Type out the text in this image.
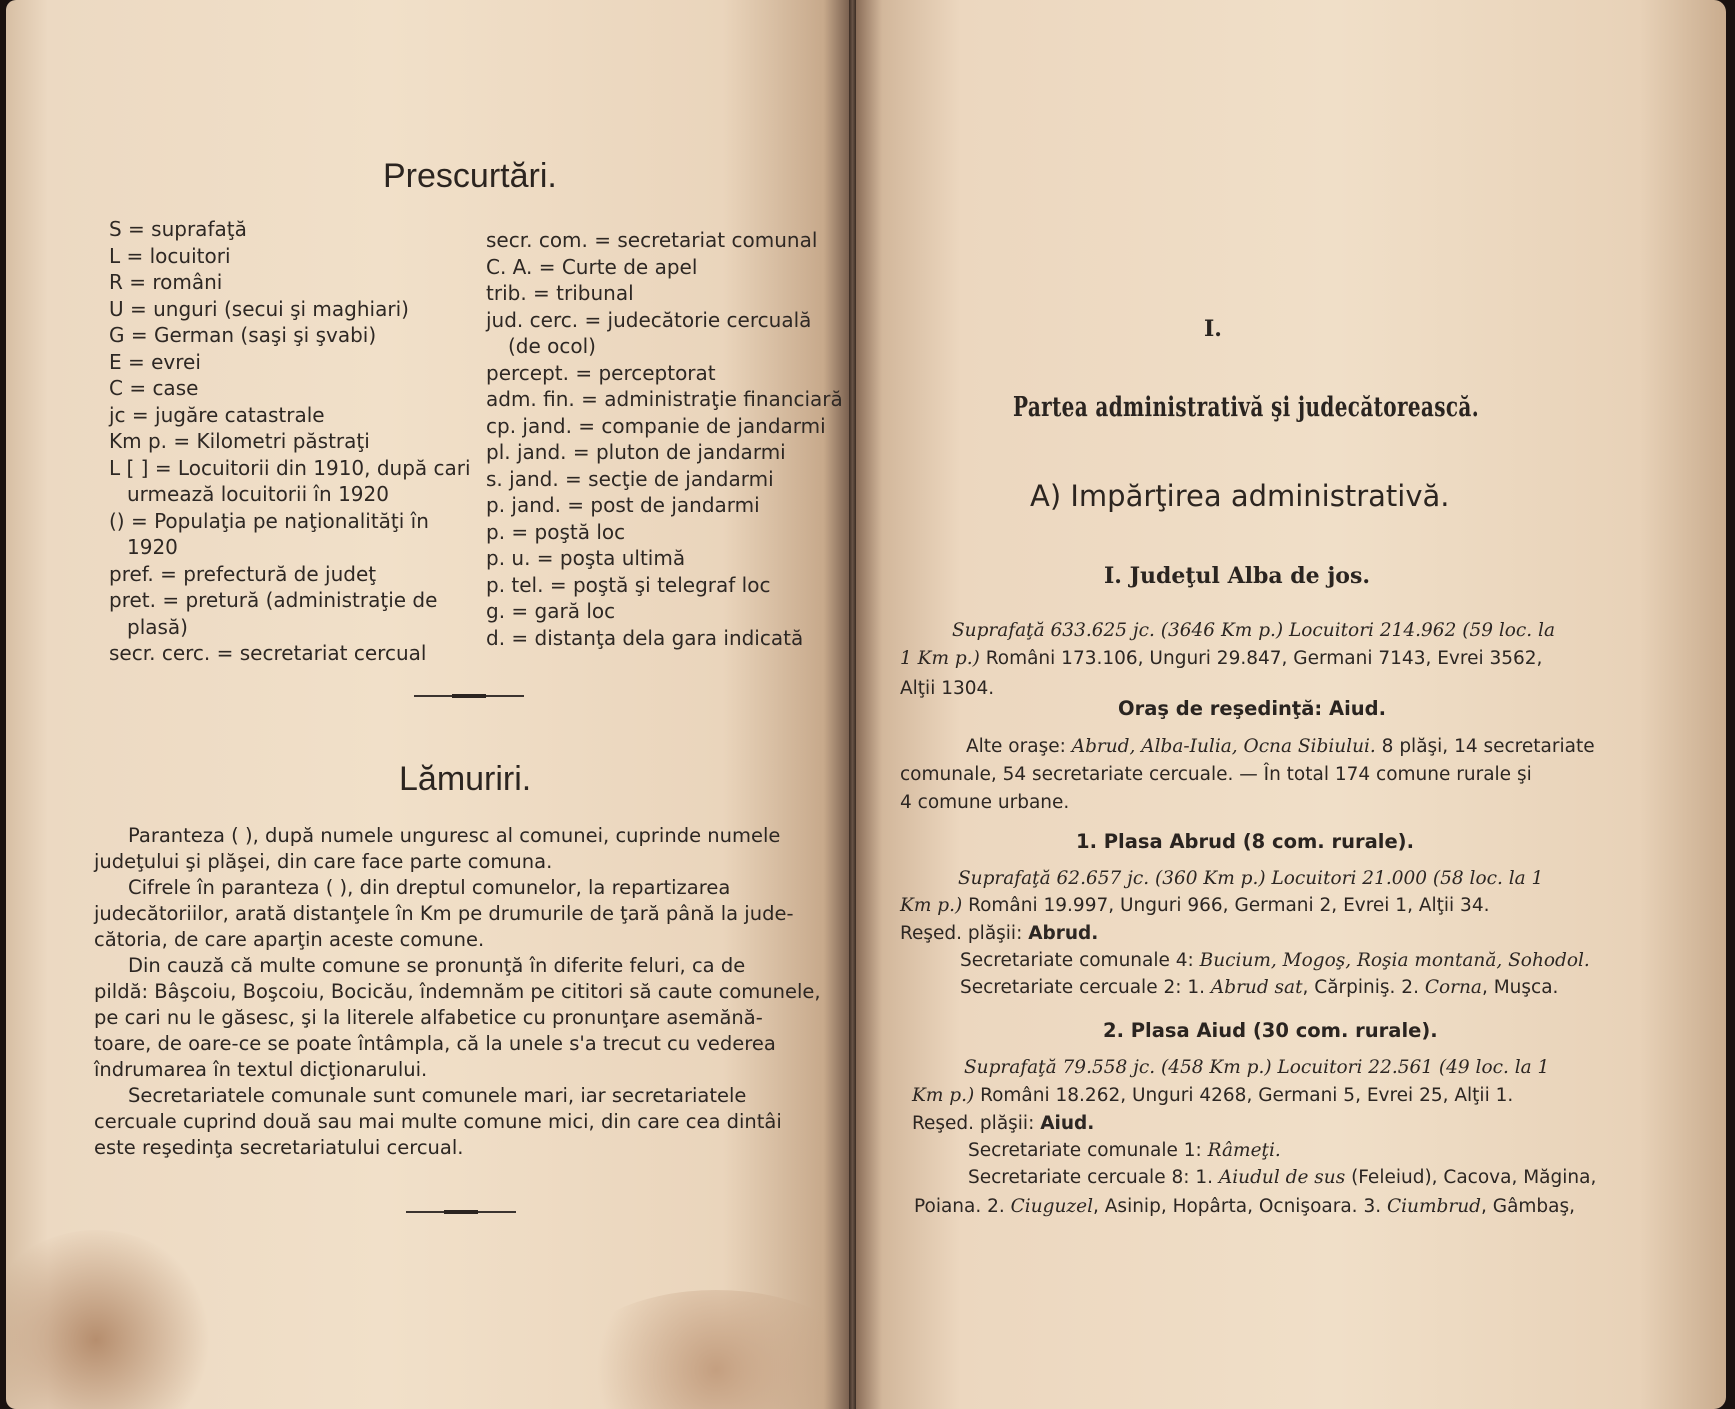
Prescurtări.
S = suprafaţă
L = locuitori
R = români
U = unguri (secui şi maghiari)
G = German (saşi şi şvabi)
E = evrei
C = case
jc = jugăre catastrale
Km p. = Kilometri păstraţi
L [ ] = Locuitorii din 1910, după cari
urmează locuitorii în 1920
() = Populaţia pe naţionalităţi în
1920
pref. = prefectură de judeţ
pret. = pretură (administraţie de
plasă)
secr. cerc. = secretariat cercual
secr. com. = secretariat comunal
C. A. = Curte de apel
trib. = tribunal
jud. cerc. = judecătorie cercuală
(de ocol)
percept. = perceptorat
adm. fin. = administraţie financiară
cp. jand. = companie de jandarmi
pl. jand. = pluton de jandarmi
s. jand. = secţie de jandarmi
p. jand. = post de jandarmi
p. = poştă loc
p. u. = poşta ultimă
p. tel. = poştă şi telegraf loc
g. = gară loc
d. = distanţa dela gara indicată
Lămuriri.
Paranteza ( ), după numele unguresc al comunei, cuprinde numele
judeţului şi plăşei, din care face parte comuna.
Cifrele în paranteza ( ), din dreptul comunelor, la repartizarea
judecătoriilor, arată distanţele în Km pe drumurile de ţară până la jude-
cătoria, de care aparţin aceste comune.
Din cauză că multe comune se pronunţă în diferite feluri, ca de
pildă: Bâşcoiu, Boşcoiu, Bocicău, îndemnăm pe cititori să caute comunele,
pe cari nu le găsesc, şi la literele alfabetice cu pronunţare asemănă-
toare, de oare-ce se poate întâmpla, că la unele s'a trecut cu vederea
îndrumarea în textul dicţionarului.
Secretariatele comunale sunt comunele mari, iar secretariatele
cercuale cuprind două sau mai multe comune mici, din care cea dintâi
este reşedinţa secretariatului cercual.
I.
Partea administrativă şi judecătorească.
A) Impărţirea administrativă.
I. Judeţul Alba de jos.
Suprafaţă 633.625 jc. (3646 Km p.) Locuitori 214.962 (59 loc. la
1 Km p.) Români 173.106, Unguri 29.847, Germani 7143, Evrei 3562,
Alţii 1304.
Oraş de reşedinţă: Aiud.
Alte oraşe: Abrud, Alba-Iulia, Ocna Sibiului. 8 plăşi, 14 secretariate
comunale, 54 secretariate cercuale. — În total 174 comune rurale şi
4 comune urbane.
1. Plasa Abrud (8 com. rurale).
Suprafaţă 62.657 jc. (360 Km p.) Locuitori 21.000 (58 loc. la 1
Km p.) Români 19.997, Unguri 966, Germani 2, Evrei 1, Alţii 34.
Reşed. plăşii: Abrud.
Secretariate comunale 4: Bucium, Mogoş, Roşia montană, Sohodol.
Secretariate cercuale 2: 1. Abrud sat, Cărpiniş. 2. Corna, Muşca.
2. Plasa Aiud (30 com. rurale).
Suprafaţă 79.558 jc. (458 Km p.) Locuitori 22.561 (49 loc. la 1
Km p.) Români 18.262, Unguri 4268, Germani 5, Evrei 25, Alţii 1.
Reşed. plăşii: Aiud.
Secretariate comunale 1: Râmeţi.
Secretariate cercuale 8: 1. Aiudul de sus (Feleiud), Cacova, Măgina,
Poiana. 2. Ciuguzel, Asinip, Hopârta, Ocnişoara. 3. Ciumbrud, Gâmbaş,
